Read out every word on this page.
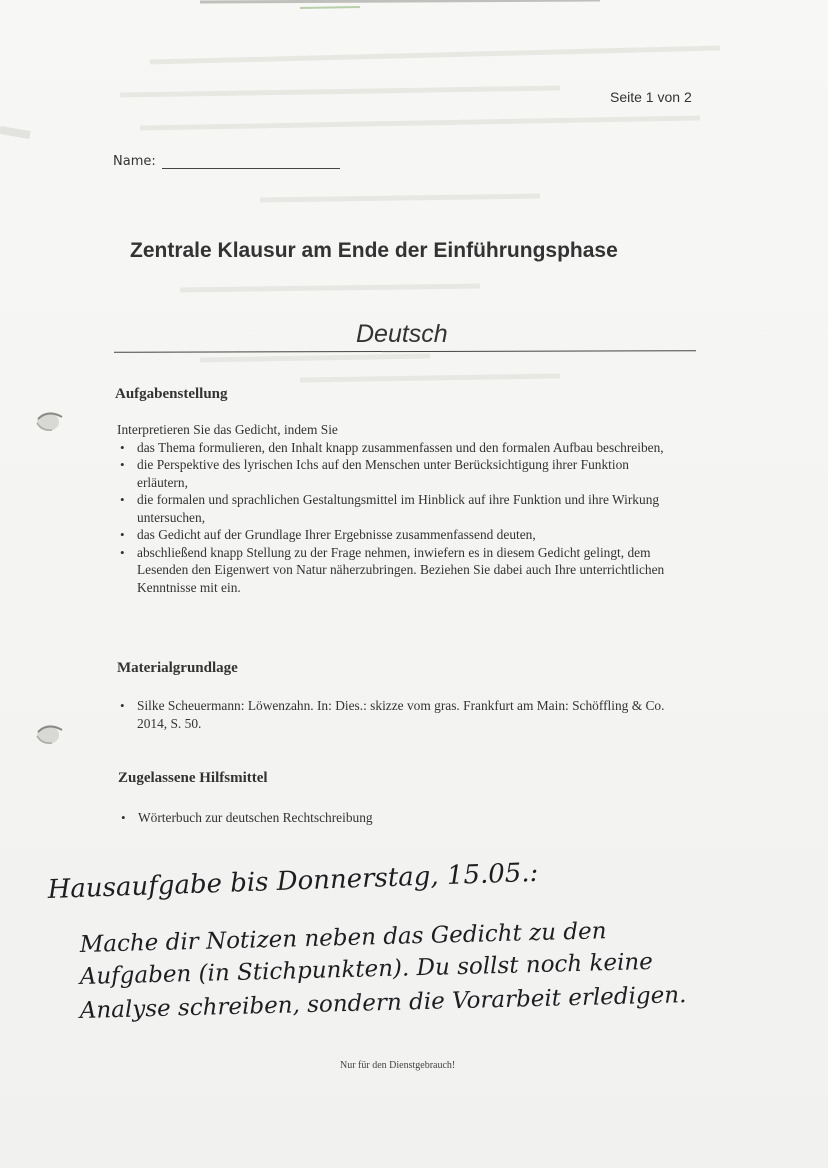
Seite 1 von 2
Name:
Zentrale Klausur am Ende der Einführungsphase
Deutsch
Aufgabenstellung
Interpretieren Sie das Gedicht, indem Sie
• das Thema formulieren, den Inhalt knapp zusammenfassen und den formalen Aufbau beschreiben,
• die Perspektive des lyrischen Ichs auf den Menschen unter Berücksichtigung ihrer Funktion erläutern,
• die formalen und sprachlichen Gestaltungsmittel im Hinblick auf ihre Funktion und ihre Wirkung untersuchen,
• das Gedicht auf der Grundlage Ihrer Ergebnisse zusammenfassend deuten,
• abschließend knapp Stellung zu der Frage nehmen, inwiefern es in diesem Gedicht gelingt, dem Lesenden den Eigenwert von Natur näherzubringen. Beziehen Sie dabei auch Ihre unterrichtlichen Kenntnisse mit ein.
Materialgrundlage
• Silke Scheuermann: Löwenzahn. In: Dies.: skizze vom gras. Frankfurt am Main: Schöffling & Co. 2014, S. 50.
Zugelassene Hilfsmittel
• Wörterbuch zur deutschen Rechtschreibung
Hausaufgabe bis Donnerstag, 15.05.:
Mache dir Notizen neben das Gedicht zu den
Aufgaben (in Stichpunkten). Du sollst noch keine
Analyse schreiben, sondern die Vorarbeit erledigen.
Nur für den Dienstgebrauch!
